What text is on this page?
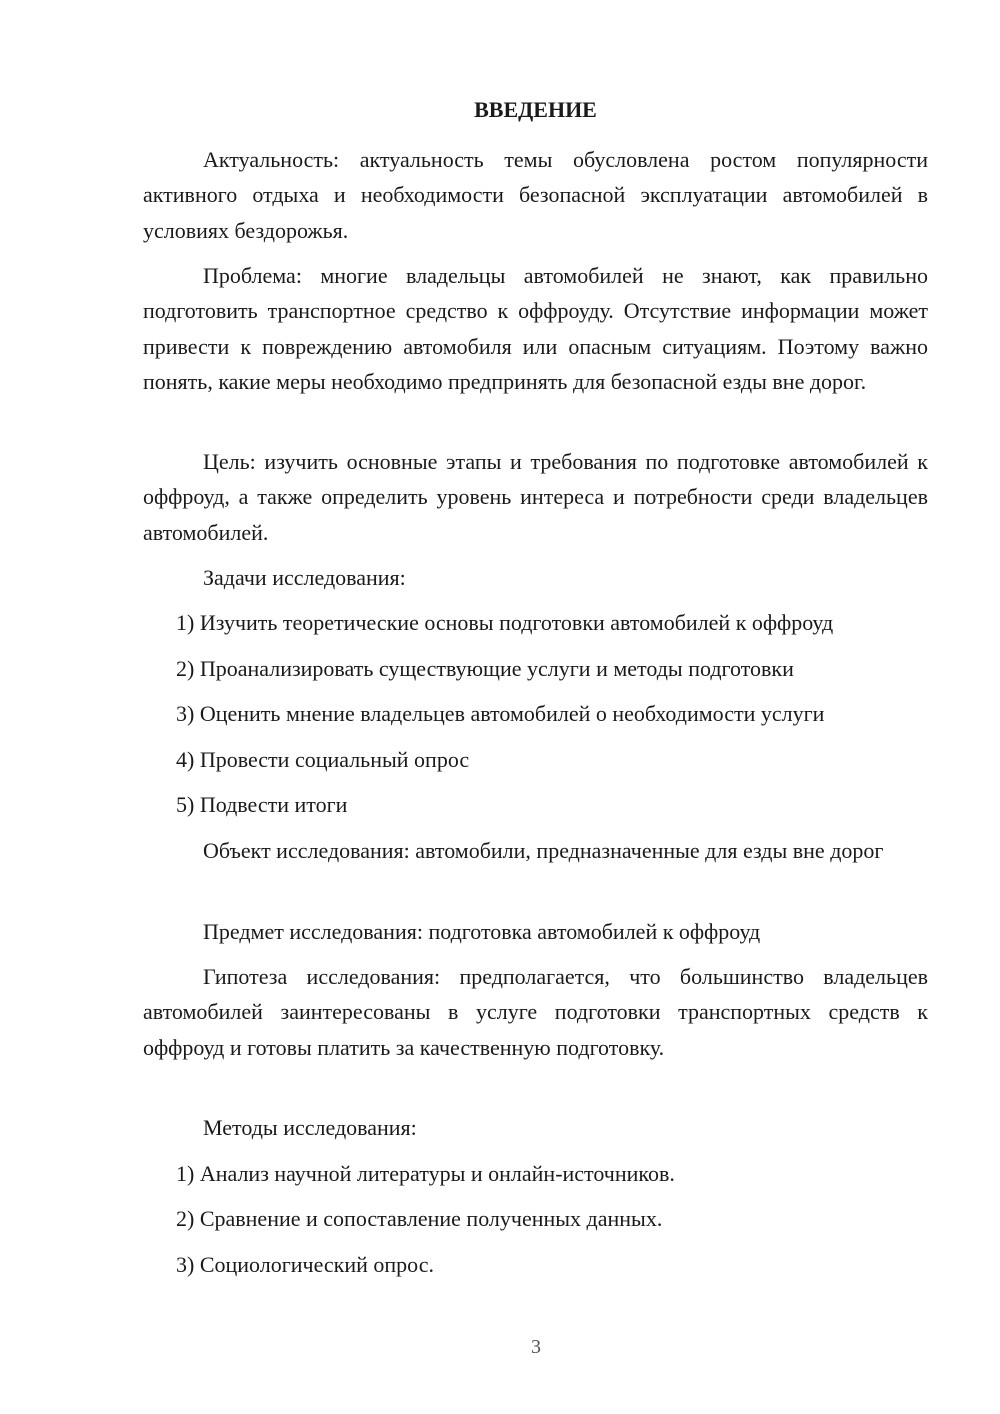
ВВЕДЕНИЕ

Актуальность: актуальность темы обусловлена ростом популярности активного отдыха и необходимости безопасной эксплуатации автомобилей в условиях бездорожья.

Проблема: многие владельцы автомобилей не знают, как правильно подготовить транспортное средство к оффроуду. Отсутствие информации может привести к повреждению автомобиля или опасным ситуациям. Поэтому важно понять, какие меры необходимо предпринять для безопасной езды вне дорог.

Цель: изучить основные этапы и требования по подготовке автомобилей к оффроуд, а также определить уровень интереса и потребности среди владельцев автомобилей.

Задачи исследования:

1) Изучить теоретические основы подготовки автомобилей к оффроуд
2) Проанализировать существующие услуги и методы подготовки
3) Оценить мнение владельцев автомобилей о необходимости услуги
4) Провести социальный опрос
5) Подвести итоги

Объект исследования: автомобили, предназначенные для езды вне дорог

Предмет исследования: подготовка автомобилей к оффроуд

Гипотеза исследования: предполагается, что большинство владельцев автомобилей заинтересованы в услуге подготовки транспортных средств к оффроуд и готовы платить за качественную подготовку.

Методы исследования:

1) Анализ научной литературы и онлайн-источников.
2) Сравнение и сопоставление полученных данных.
3) Социологический опрос.
3
